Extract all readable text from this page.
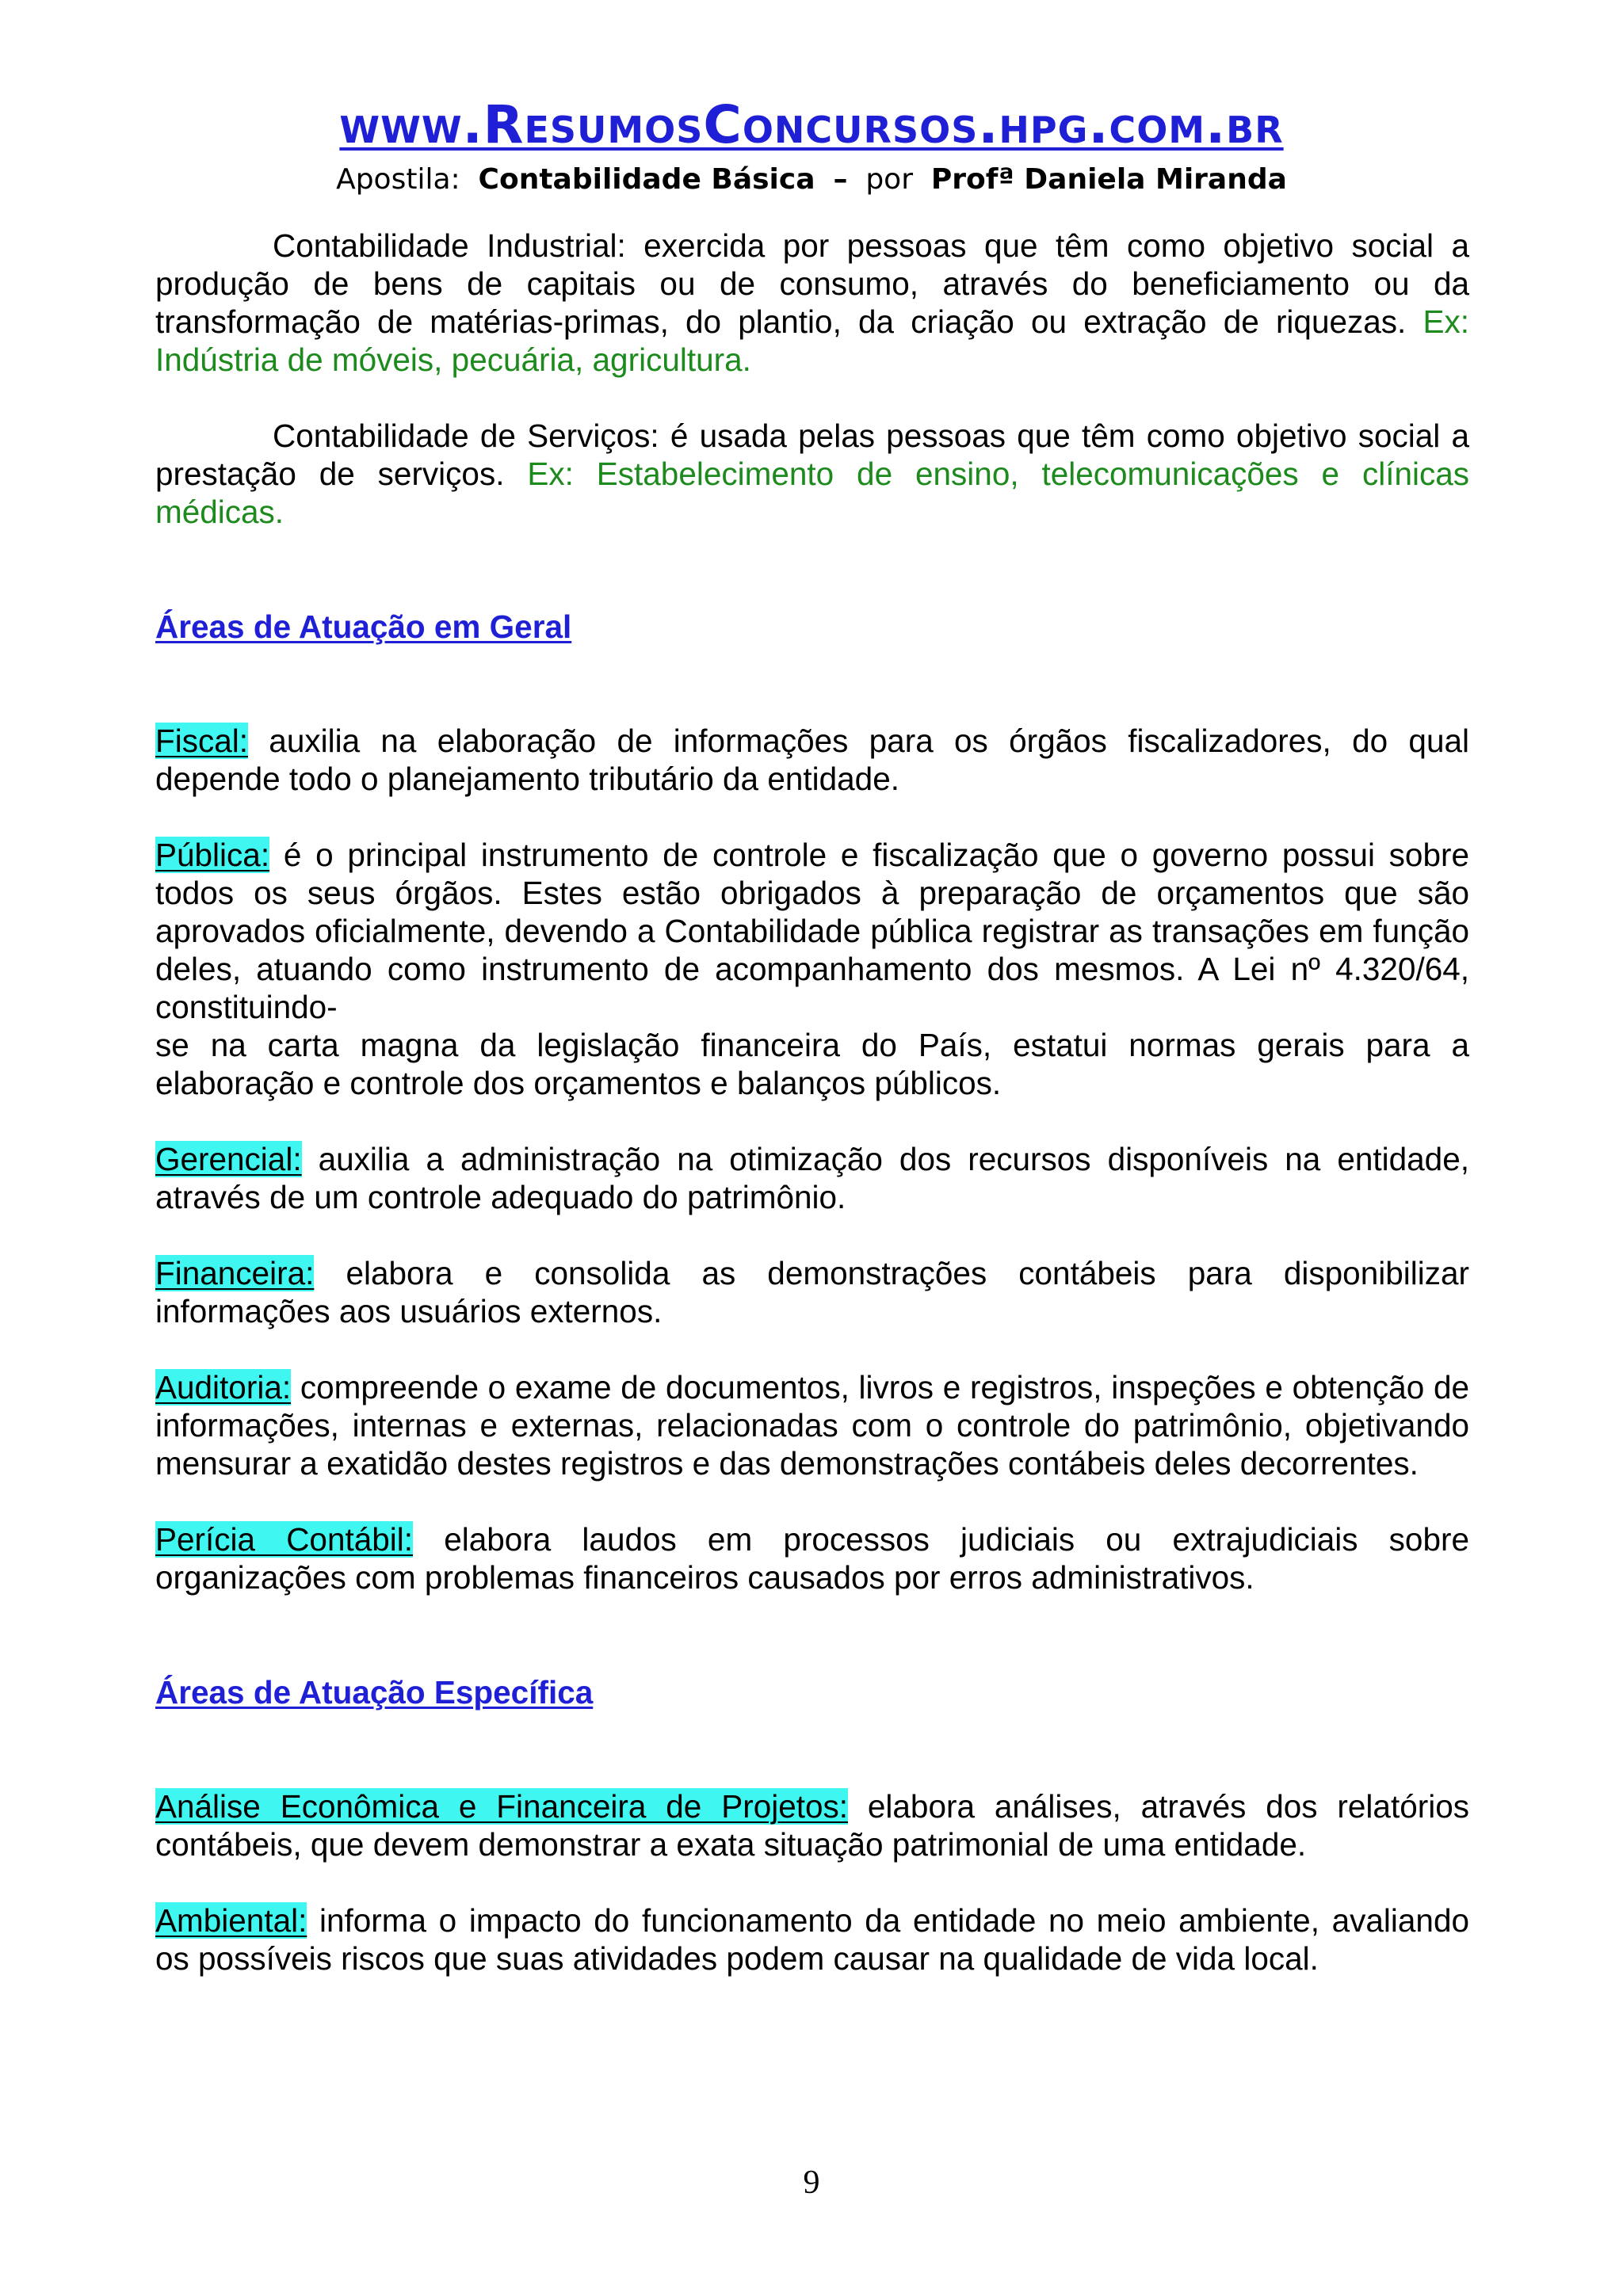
www.ResumosConcursos.hpg.com.br
Apostila: Contabilidade Básica – por Profª Daniela Miranda

Contabilidade Industrial: exercida por pessoas que têm como objetivo social a produção de bens de capitais ou de consumo, através do beneficiamento ou da transformação de matérias-primas, do plantio, da criação ou extração de riquezas. Ex: Indústria de móveis, pecuária, agricultura.

Contabilidade de Serviços: é usada pelas pessoas que têm como objetivo social a prestação de serviços. Ex: Estabelecimento de ensino, telecomunicações e clínicas médicas.

Áreas de Atuação em Geral

Fiscal: auxilia na elaboração de informações para os órgãos fiscalizadores, do qual depende todo o planejamento tributário da entidade.

Pública: é o principal instrumento de controle e fiscalização que o governo possui sobre todos os seus órgãos. Estes estão obrigados à preparação de orçamentos que são aprovados oficialmente, devendo a Contabilidade pública registrar as transações em função deles, atuando como instrumento de acompanhamento dos mesmos. A Lei nº 4.320/64, constituindo-

se na carta magna da legislação financeira do País, estatui normas gerais para a elaboração e controle dos orçamentos e balanços públicos.

Gerencial: auxilia a administração na otimização dos recursos disponíveis na entidade, através de um controle adequado do patrimônio.

Financeira: elabora e consolida as demonstrações contábeis para disponibilizar informações aos usuários externos.

Auditoria: compreende o exame de documentos, livros e registros, inspeções e obtenção de informações, internas e externas, relacionadas com o controle do patrimônio, objetivando mensurar a exatidão destes registros e das demonstrações contábeis deles decorrentes.

Perícia Contábil: elabora laudos em processos judiciais ou extrajudiciais sobre organizações com problemas financeiros causados por erros administrativos.

Áreas de Atuação Específica

Análise Econômica e Financeira de Projetos: elabora análises, através dos relatórios contábeis, que devem demonstrar a exata situação patrimonial de uma entidade.

Ambiental: informa o impacto do funcionamento da entidade no meio ambiente, avaliando os possíveis riscos que suas atividades podem causar na qualidade de vida local.

9
